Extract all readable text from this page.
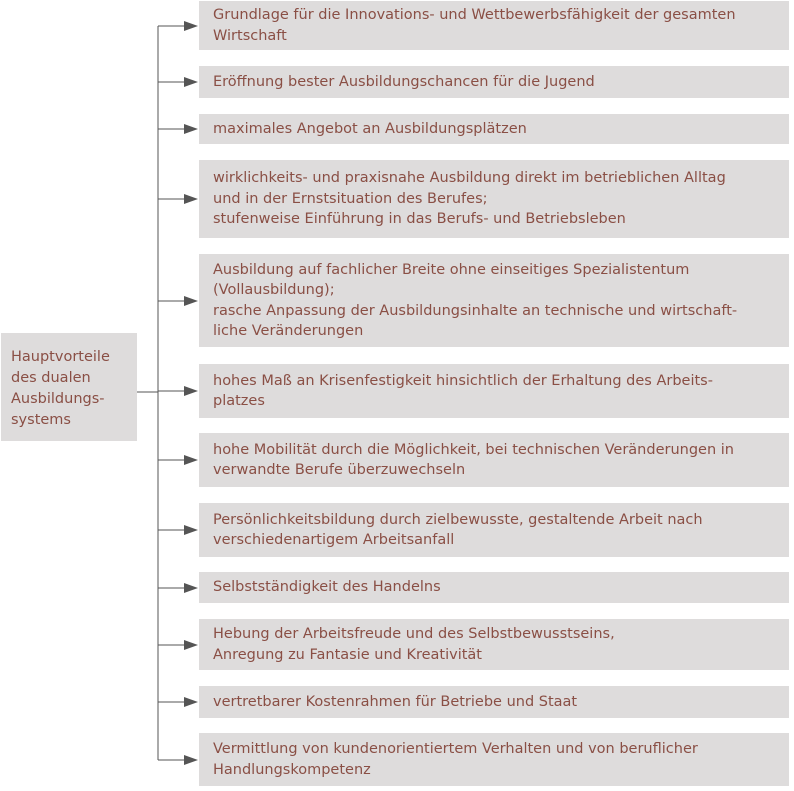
Hauptvorteile
des dualen
Ausbildungs-
systems
Grundlage für die Innovations- und Wettbewerbsfähigkeit der gesamten
Wirtschaft
Eröffnung bester Ausbildungschancen für die Jugend
maximales Angebot an Ausbildungsplätzen
wirklichkeits- und praxisnahe Ausbildung direkt im betrieblichen Alltag
und in der Ernstsituation des Berufes;
stufenweise Einführung in das Berufs- und Betriebsleben
Ausbildung auf fachlicher Breite ohne einseitiges Spezialistentum
(Vollausbildung);
rasche Anpassung der Ausbildungsinhalte an technische und wirtschaft-
liche Veränderungen
hohes Maß an Krisenfestigkeit hinsichtlich der Erhaltung des Arbeits-
platzes
hohe Mobilität durch die Möglichkeit, bei technischen Veränderungen in
verwandte Berufe überzuwechseln
Persönlichkeitsbildung durch zielbewusste, gestaltende Arbeit nach
verschiedenartigem Arbeitsanfall
Selbstständigkeit des Handelns
Hebung der Arbeitsfreude und des Selbstbewusstseins,
Anregung zu Fantasie und Kreativität
vertretbarer Kostenrahmen für Betriebe und Staat
Vermittlung von kundenorientiertem Verhalten und von beruflicher
Handlungskompetenz
